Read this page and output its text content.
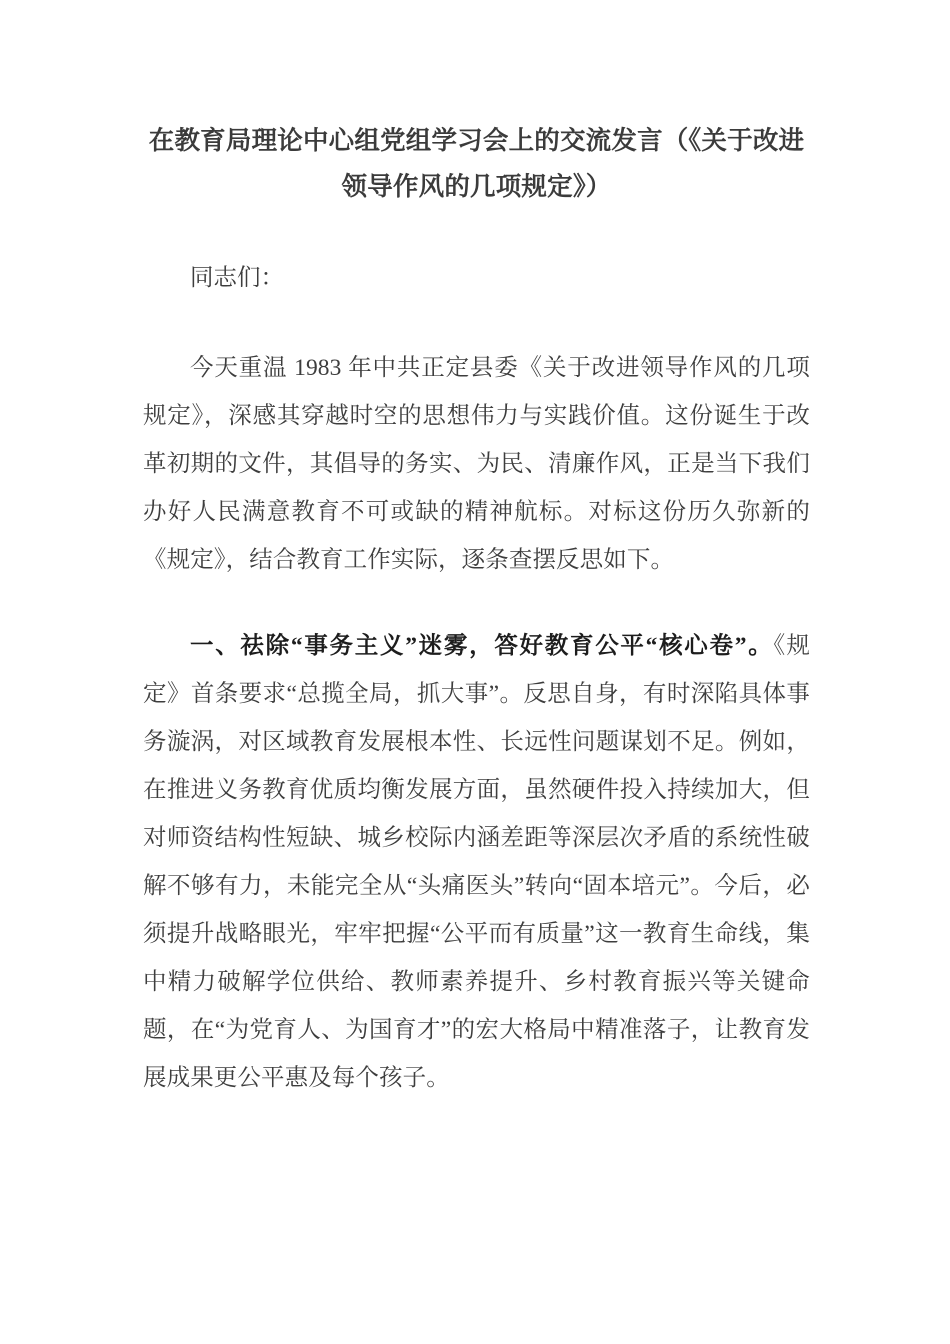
在教育局理论中心组党组学习会上的交流发言（《关于改进领导作风的几项规定》）

同志们：

今天重温 1983 年中共正定县委《关于改进领导作风的几项规定》，深感其穿越时空的思想伟力与实践价值。这份诞生于改革初期的文件，其倡导的务实、为民、清廉作风，正是当下我们办好人民满意教育不可或缺的精神航标。对标这份历久弥新的《规定》，结合教育工作实际，逐条查摆反思如下。

一、祛除“事务主义”迷雾，答好教育公平“核心卷”。《规定》首条要求“总揽全局，抓大事”。反思自身，有时深陷具体事务漩涡，对区域教育发展根本性、长远性问题谋划不足。例如，在推进义务教育优质均衡发展方面，虽然硬件投入持续加大，但对师资结构性短缺、城乡校际内涵差距等深层次矛盾的系统性破解不够有力，未能完全从“头痛医头”转向“固本培元”。今后，必须提升战略眼光，牢牢把握“公平而有质量”这一教育生命线，集中精力破解学位供给、教师素养提升、乡村教育振兴等关键命题，在“为党育人、为国育才”的宏大格局中精准落子，让教育发展成果更公平惠及每个孩子。
